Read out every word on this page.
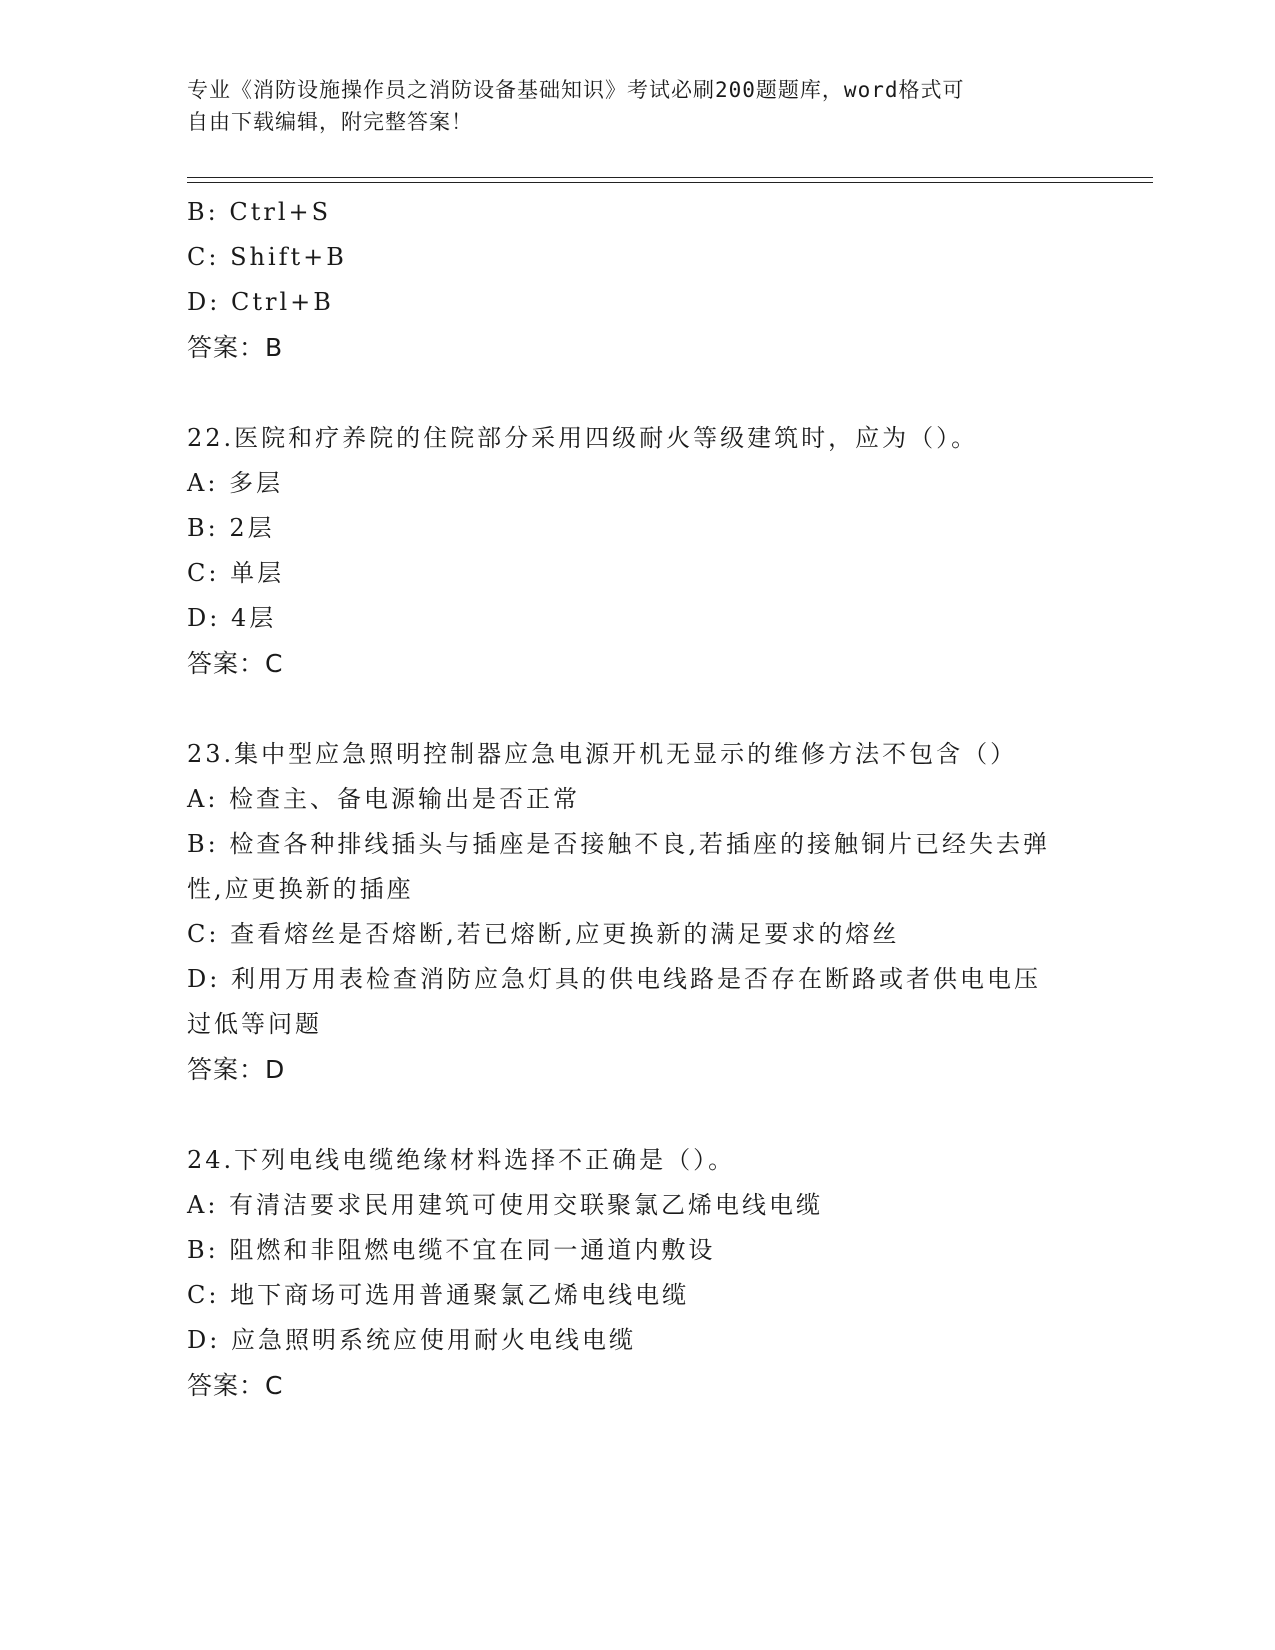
专业《消防设施操作员之消防设备基础知识》考试必刷200题题库，word格式可
自由下载编辑，附完整答案！
B: Ctrl+S
C: Shift+B
D: Ctrl+B
答案：B
22.医院和疗养院的住院部分采用四级耐火等级建筑时，应为（）。
A: 多层
B: 2层
C: 单层
D: 4层
答案：C
23.集中型应急照明控制器应急电源开机无显示的维修方法不包含（）
A: 检查主、备电源输出是否正常
B: 检查各种排线插头与插座是否接触不良,若插座的接触铜片已经失去弹性,应更换新的插座
C: 查看熔丝是否熔断,若已熔断,应更换新的满足要求的熔丝
D: 利用万用表检查消防应急灯具的供电线路是否存在断路或者供电电压过低等问题
答案：D
24.下列电线电缆绝缘材料选择不正确是（）。
A: 有清洁要求民用建筑可使用交联聚氯乙烯电线电缆
B: 阻燃和非阻燃电缆不宜在同一通道内敷设
C: 地下商场可选用普通聚氯乙烯电线电缆
D: 应急照明系统应使用耐火电线电缆
答案：C
